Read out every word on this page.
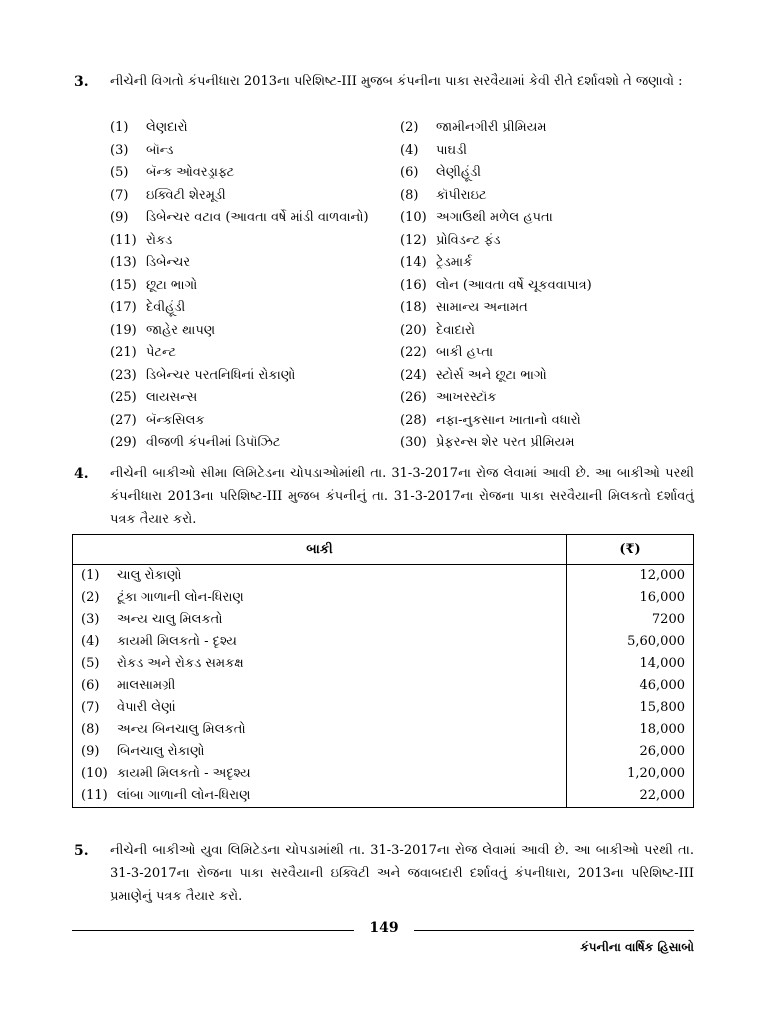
3. નીચેની વિગતો કંપનીધારા 2013ના પરિશિષ્ટ-III મુજબ કંપનીના પાકા સરવૈયામાં કેવી રીતે દર્શાવશો તે જણાવો :
(1) લેણદારો
(3) બૉન્ડ
(5) બૅન્ક ઓવરડ્રાફ્ટ
(7) ઇક્વિટી શેરમૂડી
(9) ડિબેન્ચર વટાવ (આવતા વર્ષે માંડી વાળવાનો)
(11) રોકડ
(13) ડિબેન્ચર
(15) છૂટા ભાગો
(17) દેવીહૂંડી
(19) જાહેર થાપણ
(21) પેટન્ટ
(23) ડિબેન્ચર પરતનિધિનાં રોકાણો
(25) લાયસન્સ
(27) બૅન્કસિલક
(29) વીજળી કંપનીમાં ડિપૉઝિટ
(2) જામીનગીરી પ્રીમિયમ
(4) પાઘડી
(6) લેણીહૂંડી
(8) કૉપીરાઇટ
(10) અગાઉથી મળેલ હપતા
(12) પ્રોવિડન્ટ ફંડ
(14) ટ્રેડમાર્ક
(16) લોન (આવતા વર્ષે ચૂકવવાપાત્ર)
(18) સામાન્ય અનામત
(20) દેવાદારો
(22) બાકી હપ્તા
(24) સ્ટોર્સ અને છૂટા ભાગો
(26) આખરસ્ટૉક
(28) નફા-નુકસાન ખાતાનો વધારો
(30) પ્રેફરન્સ શેર પરત પ્રીમિયમ
4. નીચેની બાકીઓ સીમા લિમિટેડના ચોપડાઓમાંથી તા. 31-3-2017ના રોજ લેવામાં આવી છે. આ બાકીઓ પરથી કંપનીધારા 2013ના પરિશિષ્ટ-III મુજબ કંપનીનું તા. 31-3-2017ના રોજના પાકા સરવૈયાની મિલકતો દર્શાવતું પત્રક તૈયાર કરો.
બાકી	(₹)
(1) ચાલુ રોકાણો	12,000
(2) ટૂંકા ગાળાની લોન-ધિરાણ	16,000
(3) અન્ય ચાલુ મિલકતો	7200
(4) કાયમી મિલકતો - દૃશ્ય	5,60,000
(5) રોકડ અને રોકડ સમકક્ષ	14,000
(6) માલસામગ્રી	46,000
(7) વેપારી લેણાં	15,800
(8) અન્ય બિનચાલુ મિલકતો	18,000
(9) બિનચાલુ રોકાણો	26,000
(10) કાયમી મિલકતો - અદૃશ્ય	1,20,000
(11) લાંબા ગાળાની લોન-ધિરાણ	22,000
5. નીચેની બાકીઓ યુવા લિમિટેડના ચોપડામાંથી તા. 31-3-2017ના રોજ લેવામાં આવી છે. આ બાકીઓ પરથી તા. 31-3-2017ના રોજના પાકા સરવૈયાની ઇક્વિટી અને જવાબદારી દર્શાવતું કંપનીધારા, 2013ના પરિશિષ્ટ-III પ્રમાણેનું પત્રક તૈયાર કરો.
149
કંપનીના વાર્ષિક હિસાબો
